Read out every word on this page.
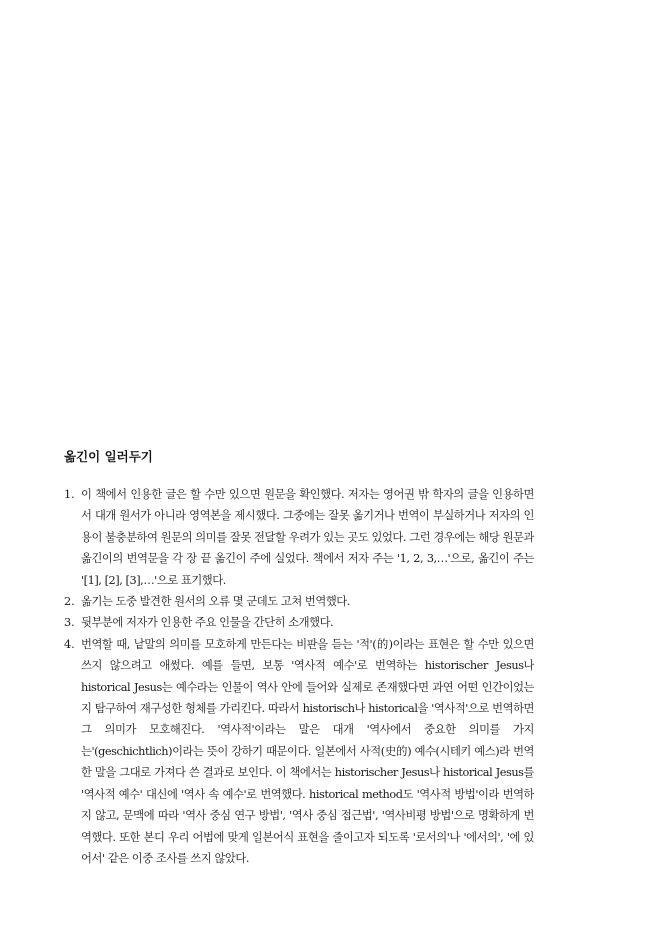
옮긴이 일러두기
1. 이 책에서 인용한 글은 할 수만 있으면 원문을 확인했다. 저자는 영어권 밖 학자의 글을 인용하면서 대개 원서가 아니라 영역본을 제시했다. 그중에는 잘못 옮기거나 번역이 부실하거나 저자의 인용이 불충분하여 원문의 의미를 잘못 전달할 우려가 있는 곳도 있었다. 그런 경우에는 해당 원문과 옮긴이의 번역문을 각 장 끝 옮긴이 주에 실었다. 책에서 저자 주는 '1, 2, 3,…'으로, 옮긴이 주는 '[1], [2], [3],…'으로 표기했다.
2. 옮기는 도중 발견한 원서의 오류 몇 군데도 고쳐 번역했다.
3. 뒷부분에 저자가 인용한 주요 인물을 간단히 소개했다.
4. 번역할 때, 낱말의 의미를 모호하게 만든다는 비판을 듣는 '적'(的)이라는 표현은 할 수만 있으면 쓰지 않으려고 애썼다. 예를 들면, 보통 '역사적 예수'로 번역하는 historischer Jesus나 historical Jesus는 예수라는 인물이 역사 안에 들어와 실제로 존재했다면 과연 어떤 인간이었는지 탐구하여 재구성한 형체를 가리킨다. 따라서 historisch나 historical을 '역사적'으로 번역하면 그 의미가 모호해진다. '역사적'이라는 말은 대개 '역사에서 중요한 의미를 가지는'(geschichtlich)이라는 뜻이 강하기 때문이다. 일본에서 사적(史的) 예수(시테키 예스)라 번역한 말을 그대로 가져다 쓴 결과로 보인다. 이 책에서는 historischer Jesus나 historical Jesus를 '역사적 예수' 대신에 '역사 속 예수'로 번역했다. historical method도 '역사적 방법'이라 번역하지 않고, 문맥에 따라 '역사 중심 연구 방법', '역사 중심 접근법', '역사비평 방법'으로 명확하게 번역했다. 또한 본디 우리 어법에 맞게 일본어식 표현을 줄이고자 되도록 '로서의'나 '에서의', '에 있어서' 같은 이중 조사를 쓰지 않았다.
